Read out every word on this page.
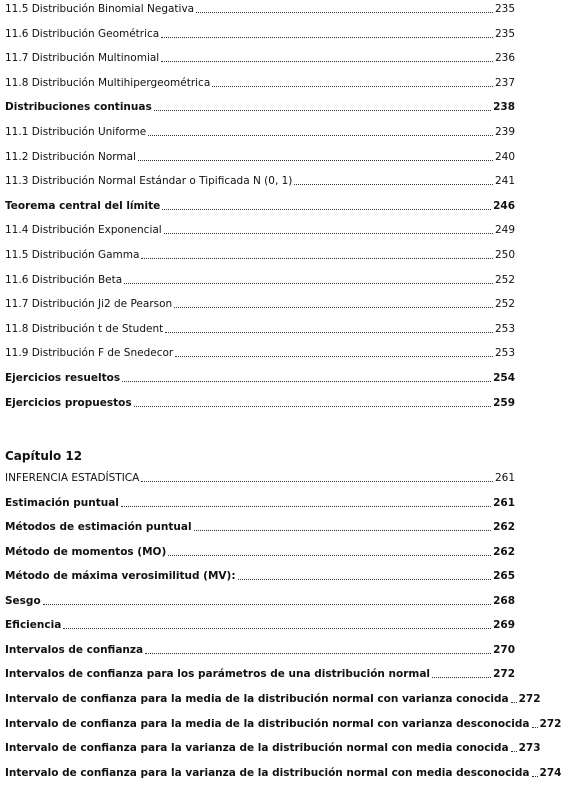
11.5 Distribución Binomial Negativa	235
11.6 Distribución Geométrica	235
11.7 Distribución Multinomial	236
11.8 Distribución Multihipergeométrica	237
Distribuciones continuas	238
11.1 Distribución Uniforme	239
11.2 Distribución Normal	240
11.3 Distribución Normal Estándar o Tipificada N (0, 1)	241
Teorema central del límite	246
11.4 Distribución Exponencial	249
11.5 Distribución Gamma	250
11.6 Distribución Beta	252
11.7 Distribución Ji2 de Pearson	252
11.8 Distribución t de Student	253
11.9 Distribución F de Snedecor	253
Ejercicios resueltos	254
Ejercicios propuestos	259
Capítulo 12
INFERENCIA ESTADÍSTICA	261
Estimación puntual	261
Métodos de estimación puntual	262
Método de momentos (MO)	262
Método de máxima verosimilitud (MV):	265
Sesgo	268
Eficiencia	269
Intervalos de confianza	270
Intervalos de confianza para los parámetros de una distribución normal	272
Intervalo de confianza para la media de la distribución normal con varianza conocida 272
Intervalo de confianza para la media de la distribución normal con varianza desconocida 272
Intervalo de confianza para la varianza de la distribución normal con media conocida 273
Intervalo de confianza para la varianza de la distribución normal con media desconocida 274
